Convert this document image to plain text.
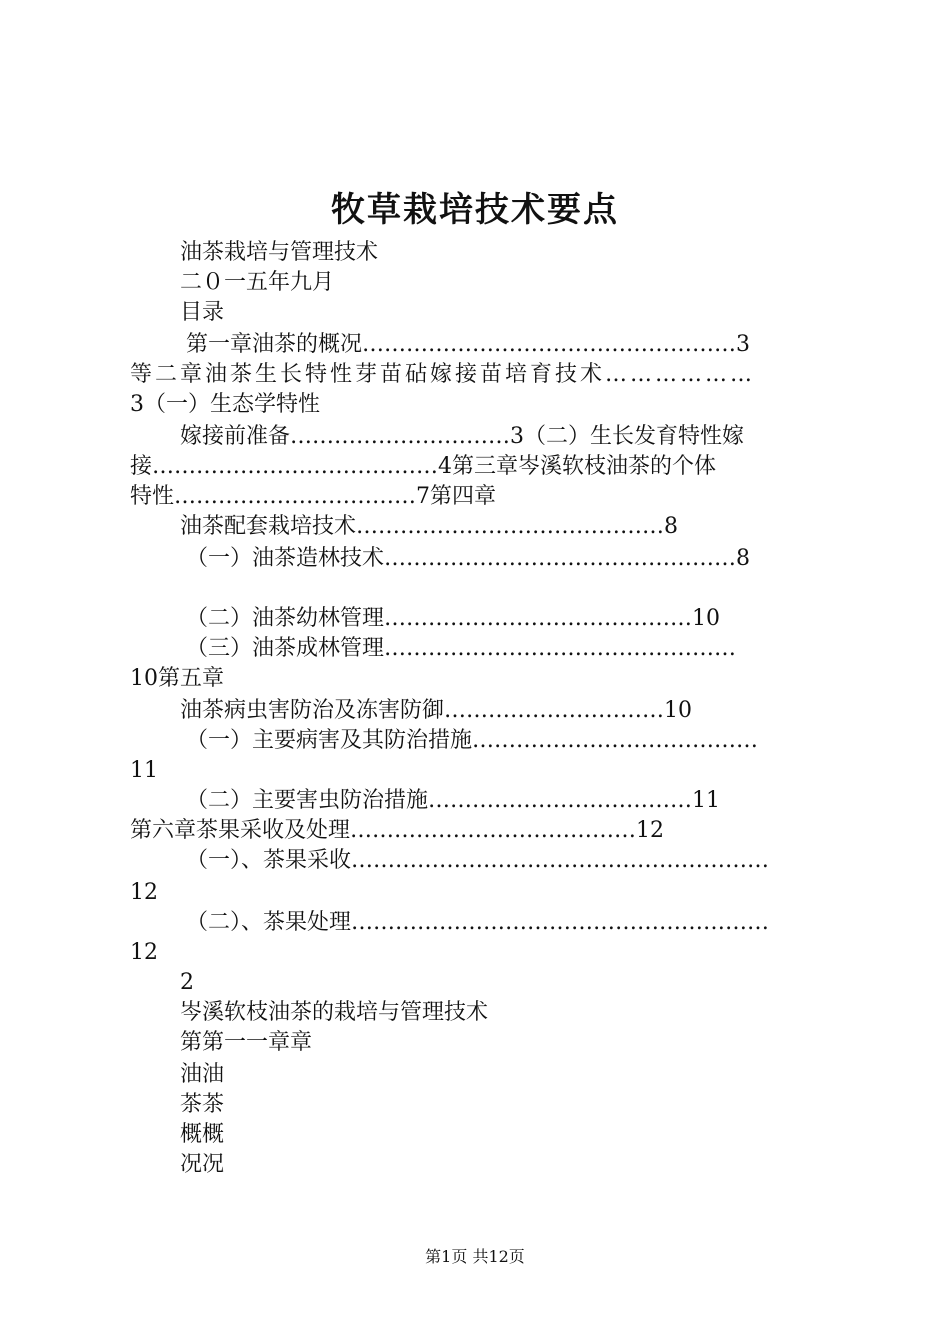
牧草栽培技术要点
油茶栽培与管理技术
二０一五年九月
目录
第一章油茶的概况……………………………………………3
等二章油茶生长特性芽苗砧嫁接苗培育技术………………
3（一）生态学特性
嫁接前准备…………………………3（二）生长发育特性嫁
接…………………………………4第三章岑溪软枝油茶的个体
特性……………………………7第四章
油茶配套栽培技术……………………………………8
（一）油茶造林技术…………………………………………8
（二）油茶幼林管理……………………………………10
（三）油茶成林管理…………………………………………
10第五章
油茶病虫害防治及冻害防御…………………………10
（一）主要病害及其防治措施…………………………………
11
（二）主要害虫防治措施………………………………11
第六章茶果采收及处理…………………………………12
（一）、茶果采收…………………………………………………
12
（二）、茶果处理…………………………………………………
12
2
岑溪软枝油茶的栽培与管理技术
第第一一章章
油油
茶茶
概概
况况
第1页 共12页
